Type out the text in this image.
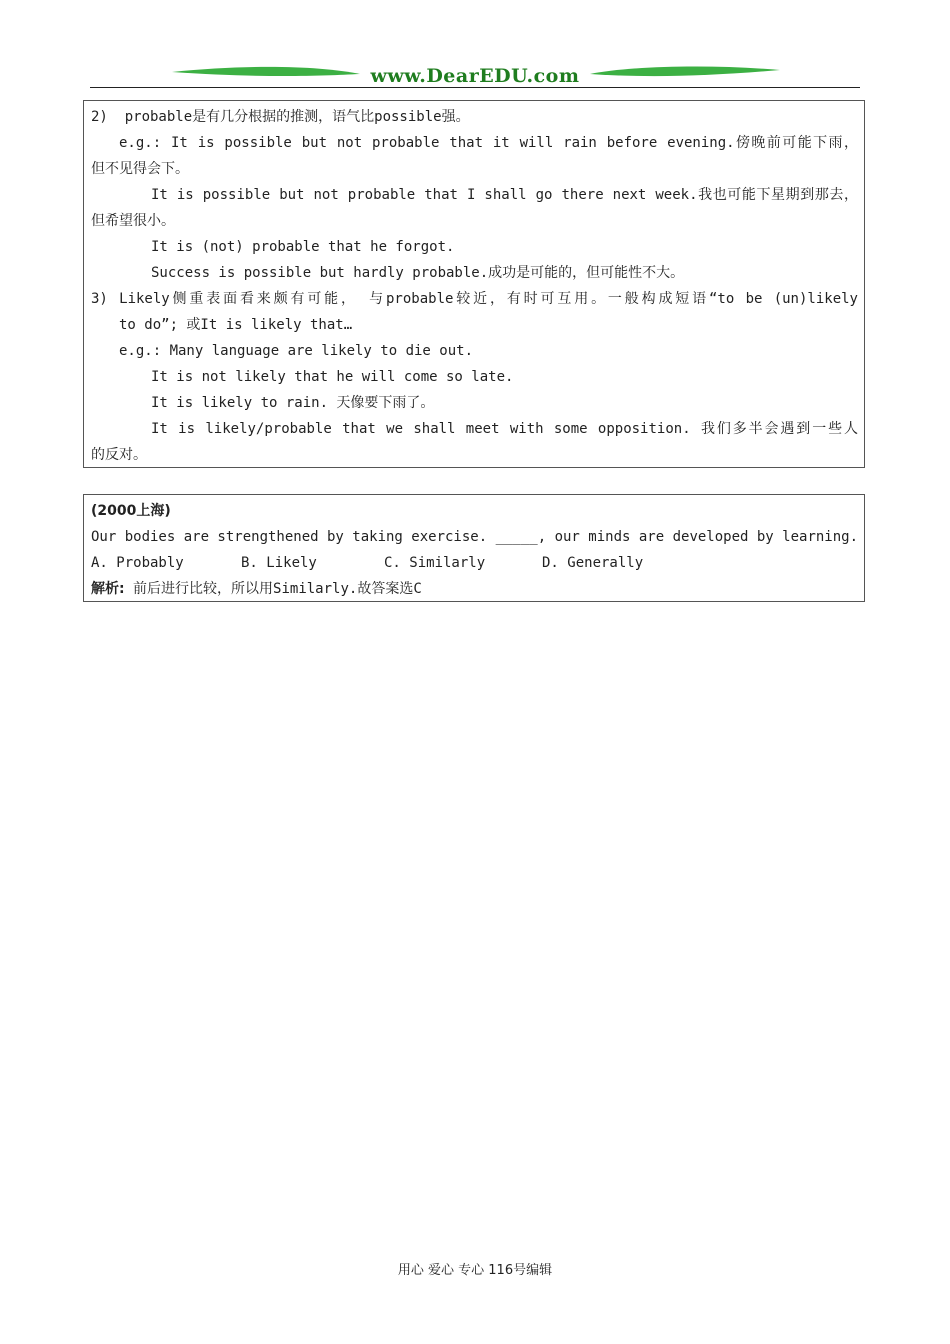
www.DearEDU.com
2)  probable是有几分根据的推测，语气比possible强。
e.g.: It is possible but not probable that it will rain before evening.傍晚前可能下雨，
但不见得会下。
It is possible but not probable that I shall go there next week.我也可能下星期到那去，
但希望很小。
It is (not) probable that he forgot.
Success is possible but hardly probable.成功是可能的，但可能性不大。
3) Likely侧重表面看来颇有可能， 与probable较近，有时可互用。一般构成短语“to be (un)likely
to do”; 或It is likely that…
e.g.: Many language are likely to die out.
It is not likely that he will come so late.
It is likely to rain. 天像要下雨了。
It is likely/probable that we shall meet with some opposition. 我们多半会遇到一些人
的反对。
(2000上海)
Our bodies are strengthened by taking exercise. _____, our minds are developed by learning.
A. Probably	B. Likely	C. Similarly	D. Generally
解析: 前后进行比较，所以用Similarly.故答案选C
用心 爱心 专心 116号编辑
